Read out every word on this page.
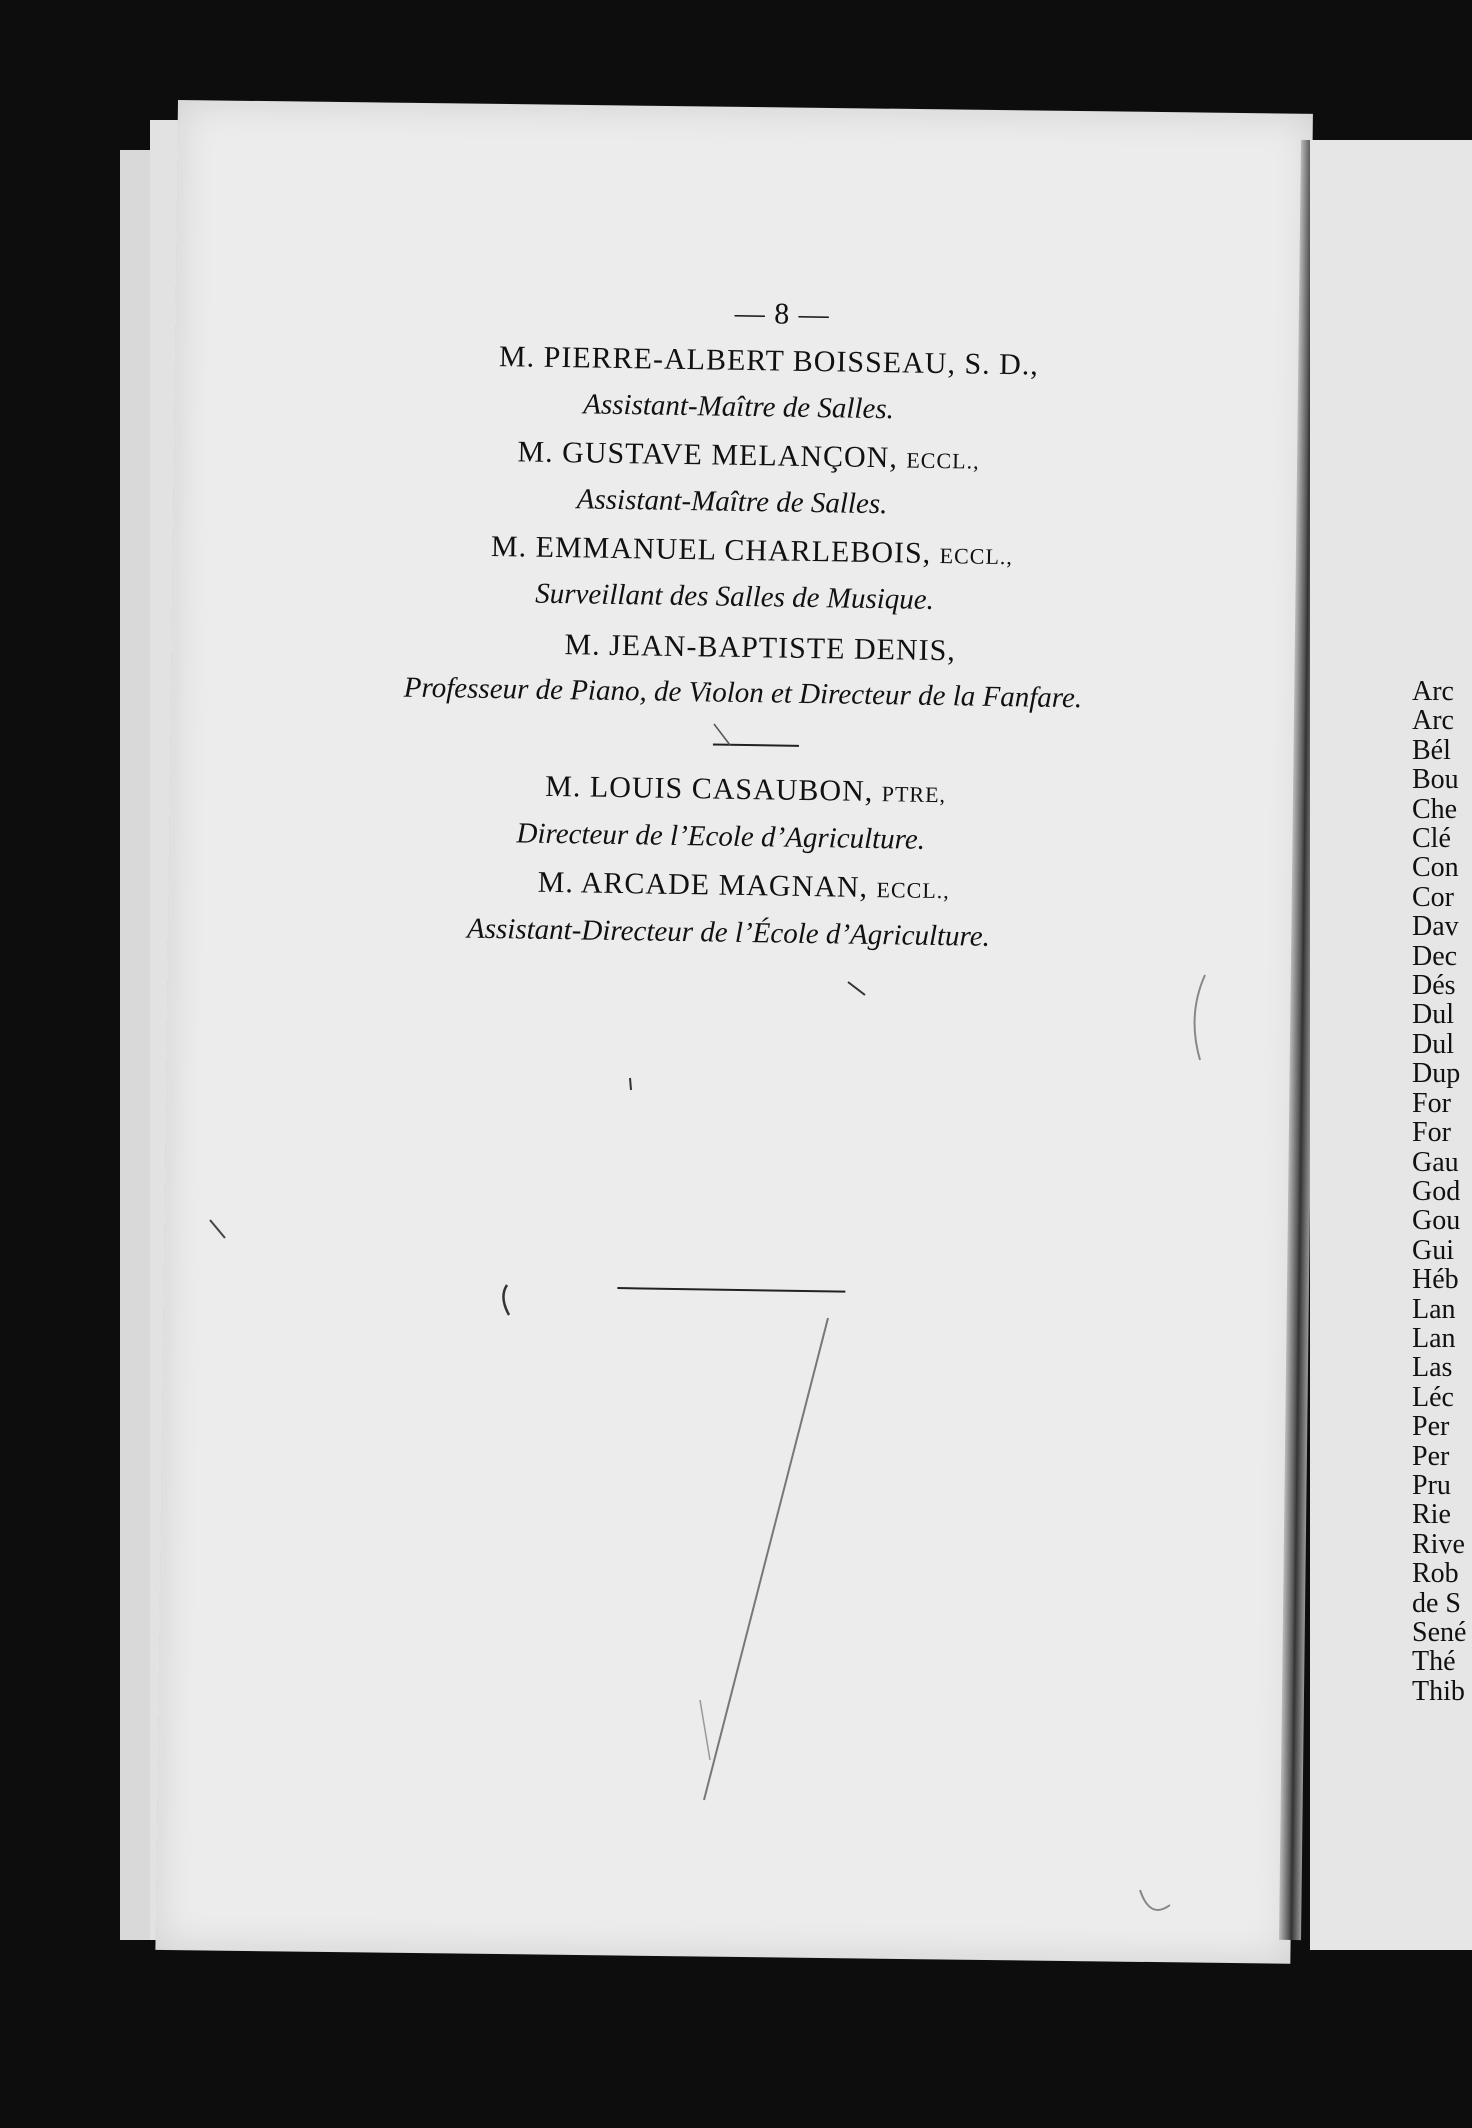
— 8 —
M. PIERRE-ALBERT BOISSEAU, S. D.,
Assistant-Maître de Salles.
M. GUSTAVE MELANÇON, ECCL.,
Assistant-Maître de Salles.
M. EMMANUEL CHARLEBOIS, ECCL.,
Surveillant des Salles de Musique.
M. JEAN-BAPTISTE DENIS,
Professeur de Piano, de Violon et Directeur de la Fanfare.
M. LOUIS CASAUBON, PTRE,
Directeur de l’Ecole d’Agriculture.
M. ARCADE MAGNAN, ECCL.,
Assistant-Directeur de l’École d’Agriculture.
Arc
Arc
Bél
Bou
Che
Clé
Con
Cor
Dav
Dec
Dés
Dul
Dul
Dup
For
For
Gau
God
Gou
Gui
Héb
Lan
Lan
Las
Léc
Per
Per
Pru
Rie
Rive
Rob
de S
Sené
Thé
Thib
